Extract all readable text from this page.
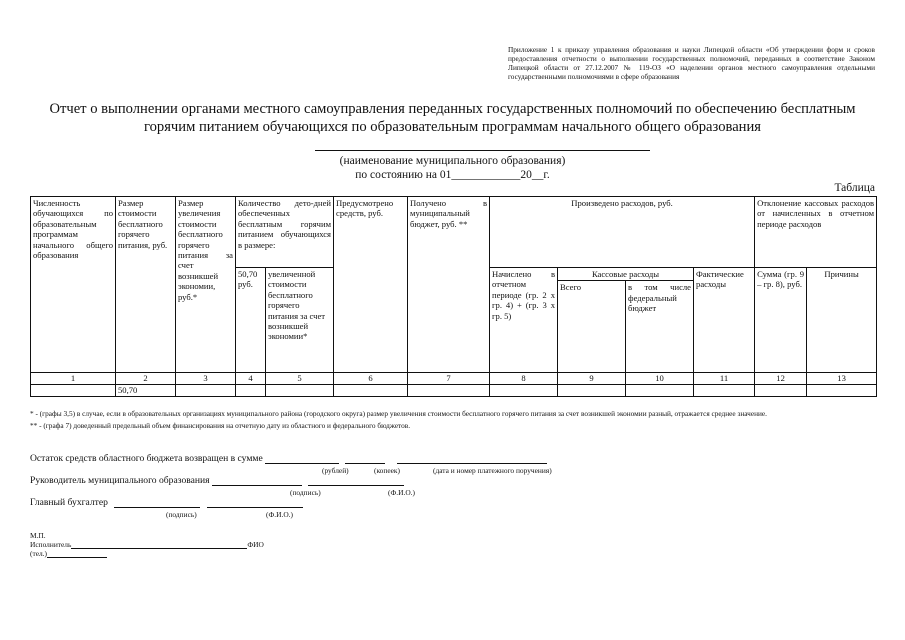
Приложение 1 к приказу управления образования и науки Липецкой области «Об утверждении форм и сроков предоставления отчетности о выполнении государственных полномочий, переданных в соответствие Законом Липецкой области от 27.12.2007 № 119-ОЗ «О наделении органов местного самоуправления отдельными государственными полномочиями в сфере образования
Отчет о выполнении органами местного самоуправления переданных государственных полномочий по обеспечению бесплатным
горячим питанием обучающихся по образовательным программам начального общего образования
(наименование муниципального образования)
по состоянию на 01____________20__г.
Таблица
Численность обучающихся по образовательным программам начального общего образования	Размер стоимости бесплатного горячего питания, руб.	Размер увеличения стоимости бесплатного горячего питания за счет возникшей экономии, руб.*	Количество дето-дней обеспеченных бесплатным горячим питанием обучающихся в размере:		Предусмотрено средств, руб.	Получено в муниципальный бюджет, руб. **	Произведено расходов, руб.				Отклонение кассовых расходов от начисленных в отчетном периоде расходов	
			50,70 руб.	увеличенной стоимости бесплатного горячего питания за счет возникшей экономии*			Начислено в отчетном периоде (гр. 2 х гр. 4) + (гр. 3 х гр. 5)	Кассовые расходы		Фактические расходы	Сумма (гр. 9 – гр. 8), руб.	Причины
								Всего	в том числе федеральный бюджет			
1	2	3	4	5	6	7	8	9	10	11	12	13
	50,70											
* - (графы 3,5) в случае, если в образовательных организациях муниципального района (городского округа) размер увеличения стоимости бесплатного горячего питания за счет возникшей экономии разный, отражается среднее значение.
** - (графа 7) доведенный предельный объем финансирования на отчетную дату из областного и федерального бюджетов.
Остаток средств областного бюджета возвращен в сумме
(рублей)	(копеек)	(дата и номер платежного поручения)
Руководитель муниципального образования
(подпись)	(Ф.И.О.)
Главный бухгалтер
(подпись)	(Ф.И.О.)
М.П.
Исполнитель	ФИО
(тел.)
